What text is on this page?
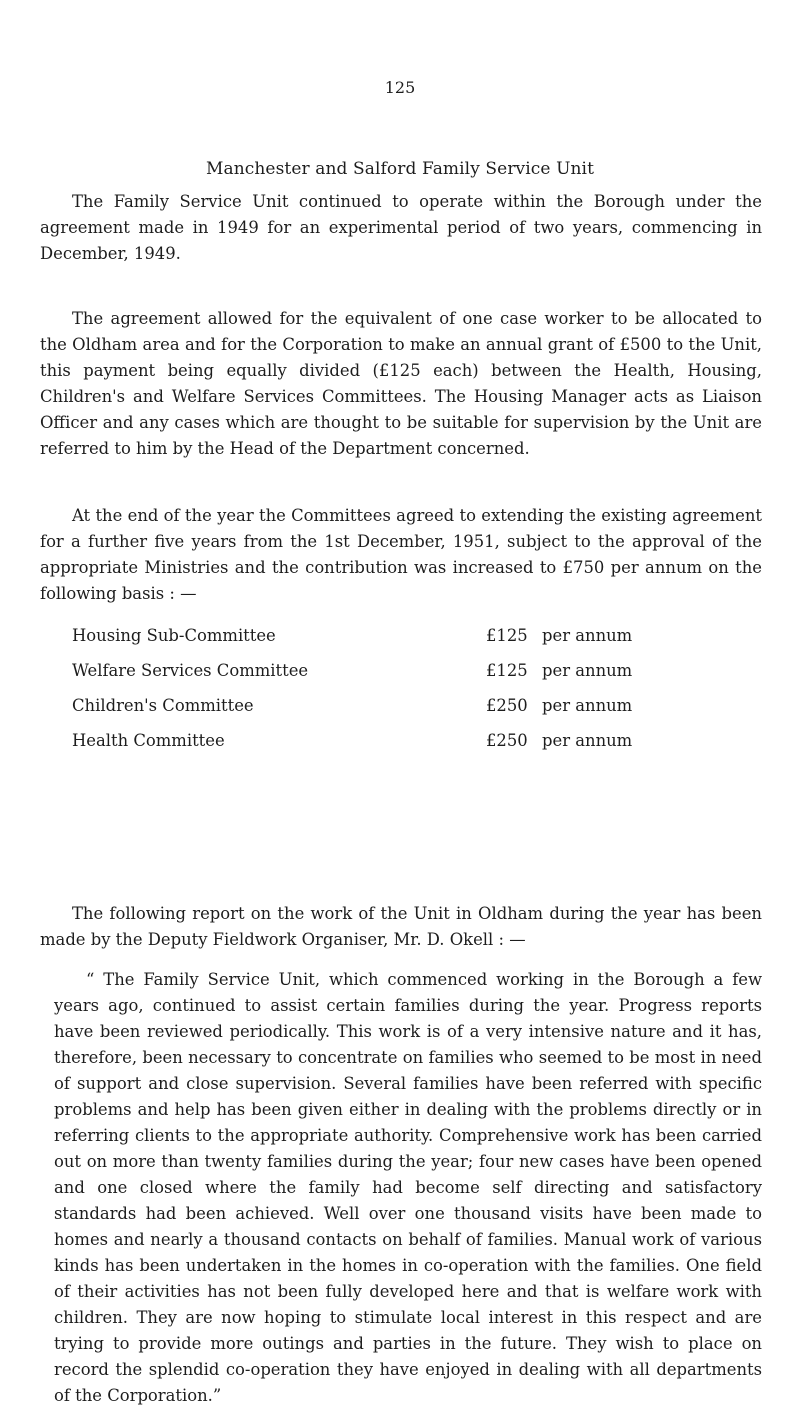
125
Manchester and Salford Family Service Unit

The Family Service Unit continued to operate within the Borough under the agreement made in 1949 for an experimental period of two years, commencing in December, 1949.

The agreement allowed for the equivalent of one case worker to be allocated to the Oldham area and for the Corporation to make an annual grant of £500 to the Unit, this payment being equally divided (£125 each) between the Health, Housing, Children's and Welfare Services Committees. The Housing Manager acts as Liaison Officer and any cases which are thought to be suitable for supervision by the Unit are referred to him by the Head of the Department concerned.

At the end of the year the Committees agreed to extending the existing agreement for a further five years from the 1st December, 1951, subject to the approval of the appropriate Ministries and the contribution was increased to £750 per annum on the following basis : —

Housing Sub-Committee .....	£125 per annum
Welfare Services Committee .....	£125 per annum
Children's Committee .....	£250 per annum
Health Committee .....	£250 per annum

The following report on the work of the Unit in Oldham during the year has been made by the Deputy Fieldwork Organiser, Mr. D. Okell : —

“ The Family Service Unit, which commenced working in the Borough a few years ago, continued to assist certain families during the year. Progress reports have been reviewed periodically. This work is of a very intensive nature and it has, therefore, been necessary to concentrate on families who seemed to be most in need of support and close supervision. Several families have been referred with specific problems and help has been given either in dealing with the problems directly or in referring clients to the appropriate authority. Comprehensive work has been carried out on more than twenty families during the year; four new cases have been opened and one closed where the family had become self directing and satisfactory standards had been achieved. Well over one thousand visits have been made to homes and nearly a thousand contacts on behalf of families. Manual work of various kinds has been undertaken in the homes in co-operation with the families. One field of their activities has not been fully developed here and that is welfare work with children. They are now hoping to stimulate local interest in this respect and are trying to provide more outings and parties in the future. They wish to place on record the splendid co-operation they have enjoyed in dealing with all departments of the Corporation.”
